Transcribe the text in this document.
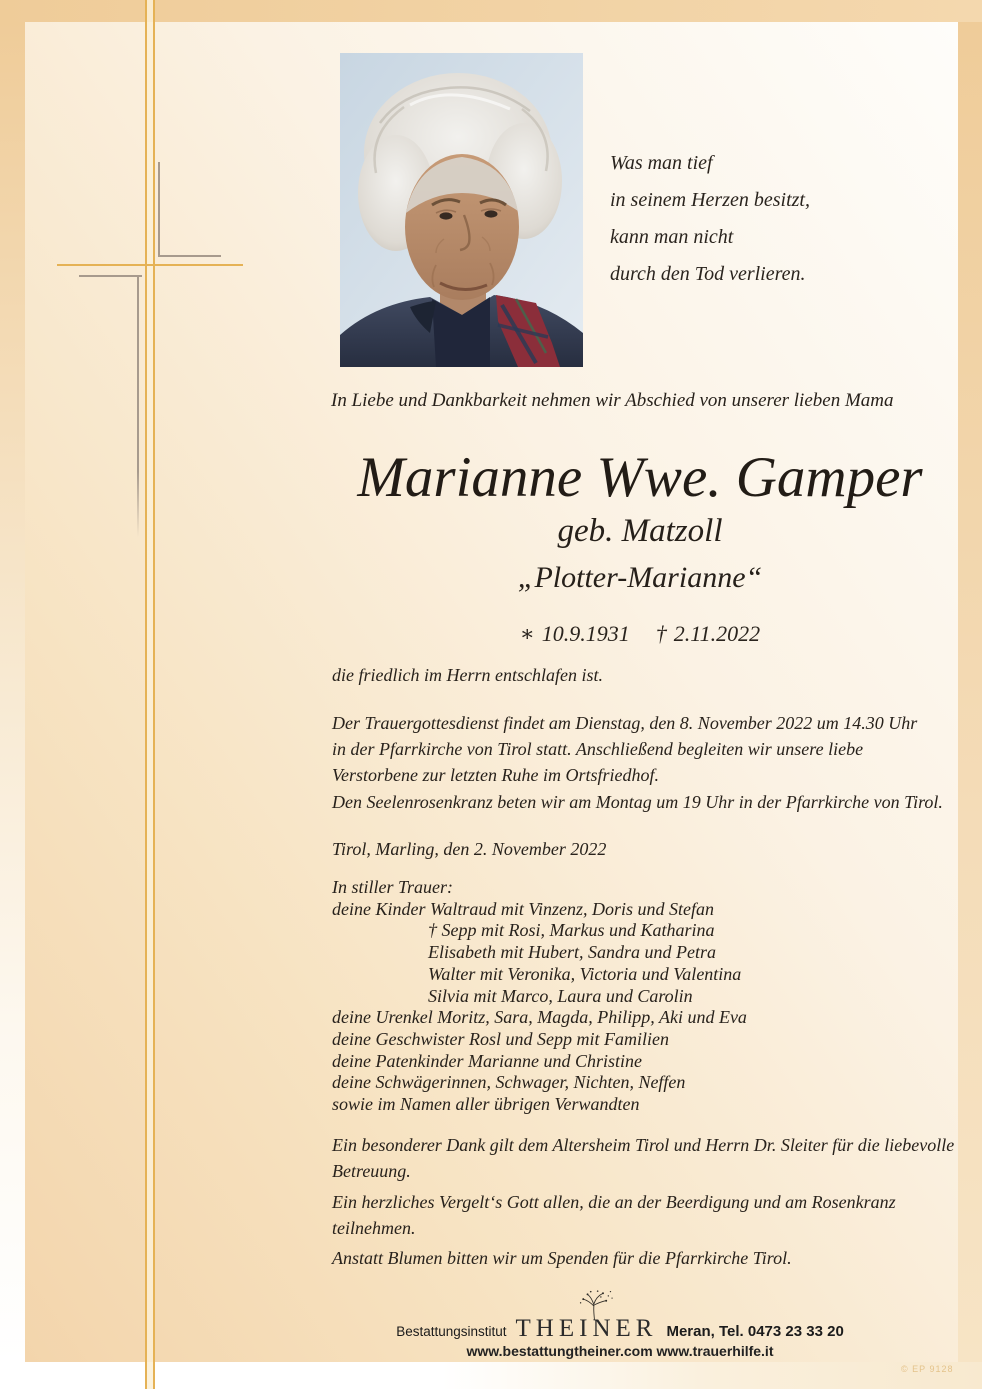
Was man tief
in seinem Herzen besitzt,
kann man nicht
durch den Tod verlieren.
In Liebe und Dankbarkeit nehmen wir Abschied von unserer lieben Mama
Marianne Wwe. Gamper
geb. Matzoll
„Plotter-Marianne“
∗ 10.9.1931 † 2.11.2022
die friedlich im Herrn entschlafen ist.
Der Trauergottesdienst findet am Dienstag, den 8. November 2022 um 14.30 Uhr
in der Pfarrkirche von Tirol statt. Anschließend begleiten wir unsere liebe
Verstorbene zur letzten Ruhe im Ortsfriedhof.
Den Seelenrosenkranz beten wir am Montag um 19 Uhr in der Pfarrkirche von Tirol.
Tirol, Marling, den 2. November 2022
In stiller Trauer:
deine Kinder Waltraud mit Vinzenz, Doris und Stefan
† Sepp mit Rosi, Markus und Katharina
Elisabeth mit Hubert, Sandra und Petra
Walter mit Veronika, Victoria und Valentina
Silvia mit Marco, Laura und Carolin
deine Urenkel Moritz, Sara, Magda, Philipp, Aki und Eva
deine Geschwister Rosl und Sepp mit Familien
deine Patenkinder Marianne und Christine
deine Schwägerinnen, Schwager, Nichten, Neffen
sowie im Namen aller übrigen Verwandten
Ein besonderer Dank gilt dem Altersheim Tirol und Herrn Dr. Sleiter für die liebevolle
Betreuung.
Ein herzliches Vergelt‘s Gott allen, die an der Beerdigung und am Rosenkranz
teilnehmen.
Anstatt Blumen bitten wir um Spenden für die Pfarrkirche Tirol.
Bestattungsinstitut THEINER Meran, Tel. 0473 23 33 20
www.bestattungtheiner.com www.trauerhilfe.it
© EP 9128
